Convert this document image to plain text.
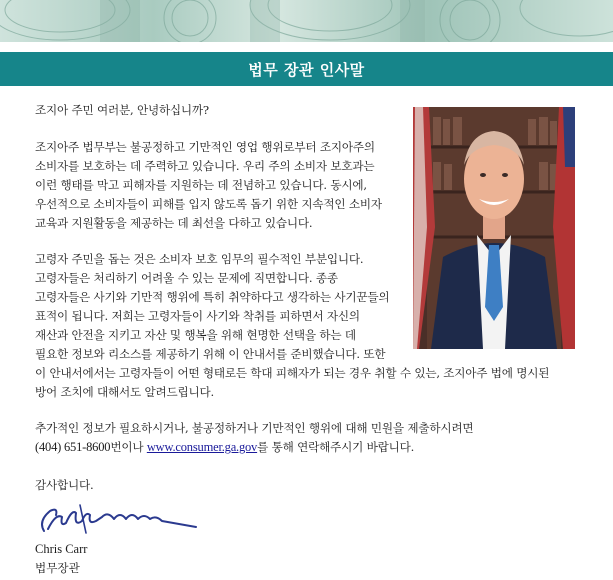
법무 장관 인사말

조지아 주민 여러분, 안녕하십니까?

조지아주 법무부는 불공정하고 기만적인 영업 행위로부터 조지아주의

소비자를 보호하는 데 주력하고 있습니다. 우리 주의 소비자 보호과는

이런 행태를 막고 피해자를 지원하는 데 전념하고 있습니다. 동시에,

우선적으로 소비자들이 피해를 입지 않도록 돕기 위한 지속적인 소비자

교육과 지원활동을 제공하는 데 최선을 다하고 있습니다.

고령자 주민을 돕는 것은 소비자 보호 임무의 필수적인 부분입니다.

고령자들은 처리하기 어려울 수 있는 문제에 직면합니다. 종종

고령자들은 사기와 기만적 행위에 특히 취약하다고 생각하는 사기꾼들의

표적이 됩니다. 저희는 고령자들이 사기와 착취를 피하면서 자신의

재산과 안전을 지키고 자산 및 행복을 위해 현명한 선택을 하는 데

필요한 정보와 리소스를 제공하기 위해 이 안내서를 준비했습니다. 또한

이 안내서에서는 고령자들이 어떤 형태로든 학대 피해자가 되는 경우 취할 수 있는, 조지아주 법에 명시된

방어 조치에 대해서도 알려드립니다.

추가적인 정보가 필요하시거나, 불공정하거나 기만적인 행위에 대해 민원을 제출하시려면

(404) 651-8600번이나 www.consumer.ga.gov를 통해 연락해주시기 바랍니다.

감사합니다.

Chris Carr
법무장관
